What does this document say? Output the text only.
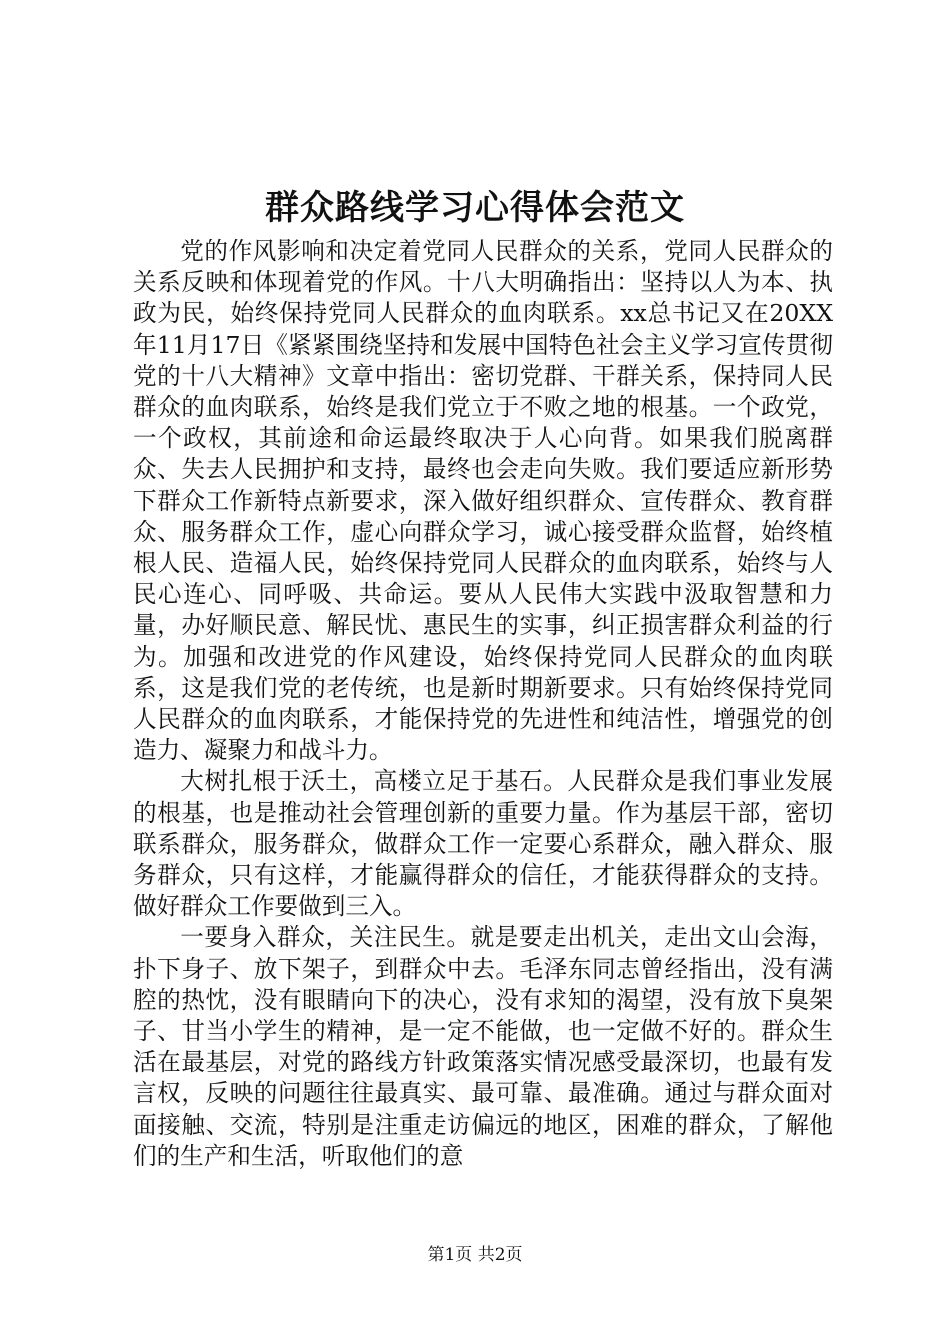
群众路线学习心得体会范文

党的作风影响和决定着党同人民群众的关系，党同人民群众的关系反映和体现着党的作风。十八大明确指出：坚持以人为本、执政为民，始终保持党同人民群众的血肉联系。xx总书记又在20XX年11月17日《紧紧围绕坚持和发展中国特色社会主义学习宣传贯彻党的十八大精神》文章中指出：密切党群、干群关系，保持同人民群众的血肉联系，始终是我们党立于不败之地的根基。一个政党，一个政权，其前途和命运最终取决于人心向背。如果我们脱离群众、失去人民拥护和支持，最终也会走向失败。我们要适应新形势下群众工作新特点新要求，深入做好组织群众、宣传群众、教育群众、服务群众工作，虚心向群众学习，诚心接受群众监督，始终植根人民、造福人民，始终保持党同人民群众的血肉联系，始终与人民心连心、同呼吸、共命运。要从人民伟大实践中汲取智慧和力量，办好顺民意、解民忧、惠民生的实事，纠正损害群众利益的行为。加强和改进党的作风建设，始终保持党同人民群众的血肉联系，这是我们党的老传统，也是新时期新要求。只有始终保持党同人民群众的血肉联系，才能保持党的先进性和纯洁性，增强党的创造力、凝聚力和战斗力。

大树扎根于沃土，高楼立足于基石。人民群众是我们事业发展的根基，也是推动社会管理创新的重要力量。作为基层干部，密切联系群众，服务群众，做群众工作一定要心系群众，融入群众、服务群众，只有这样，才能赢得群众的信任，才能获得群众的支持。做好群众工作要做到三入。

一要身入群众，关注民生。就是要走出机关，走出文山会海，扑下身子、放下架子，到群众中去。毛泽东同志曾经指出，没有满腔的热忱，没有眼睛向下的决心，没有求知的渴望，没有放下臭架子、甘当小学生的精神，是一定不能做，也一定做不好的。群众生活在最基层，对党的路线方针政策落实情况感受最深切，也最有发言权，反映的问题往往最真实、最可靠、最准确。通过与群众面对面接触、交流，特别是注重走访偏远的地区，困难的群众，了解他们的生产和生活，听取他们的意

第1页 共2页
